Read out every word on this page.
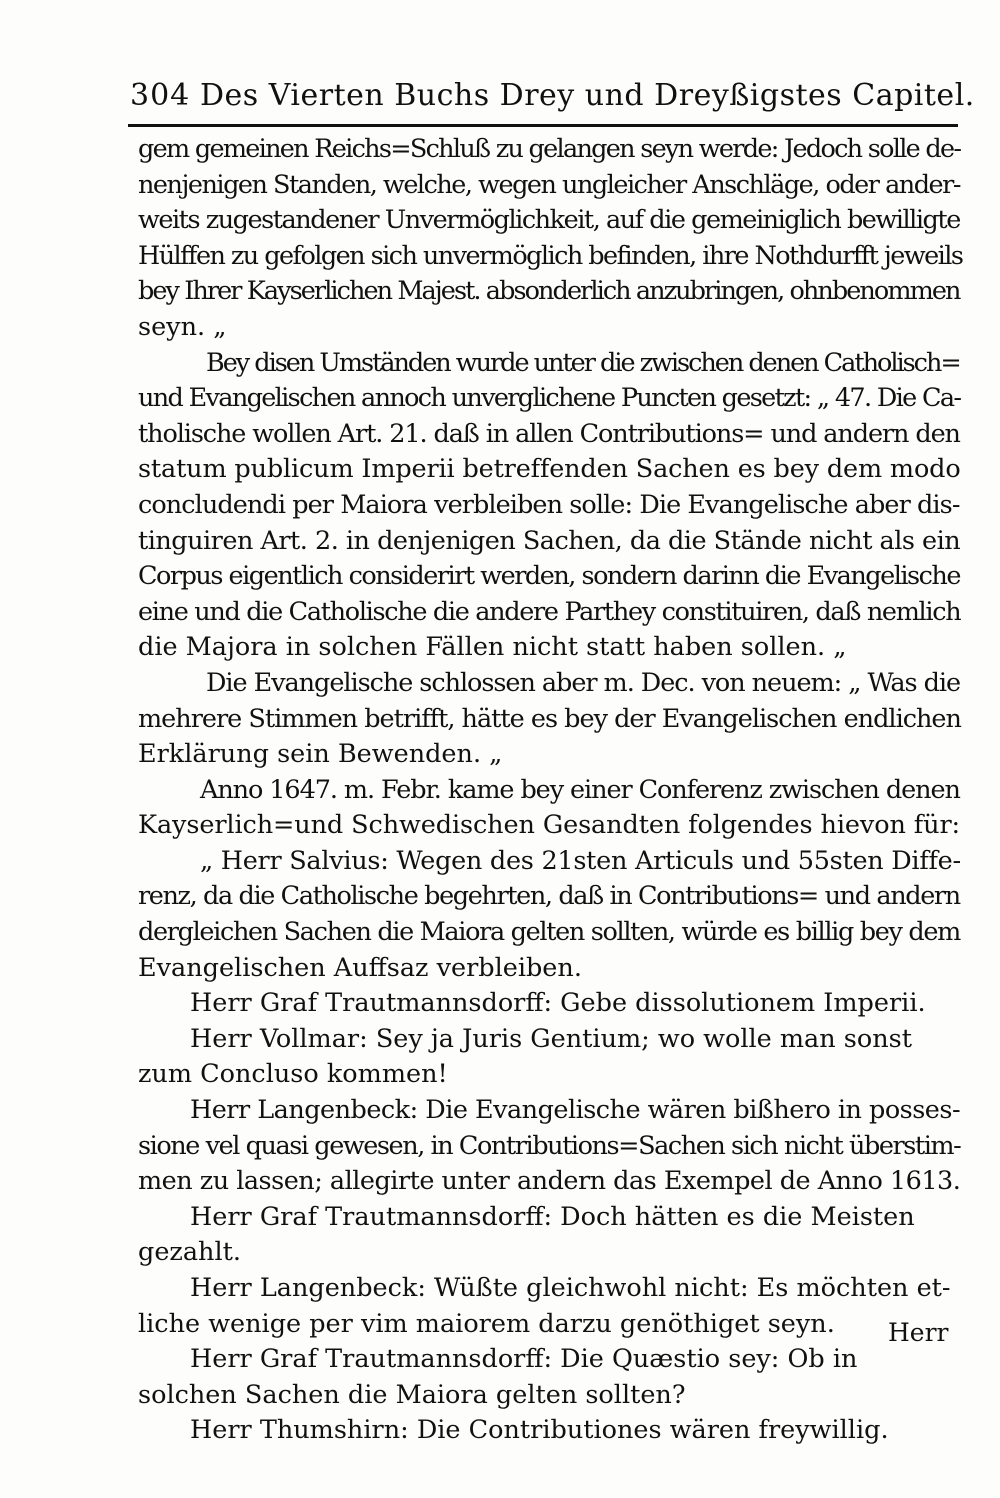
304 Des Vierten Buchs Drey und Dreyßigstes Capitel.
gem gemeinen Reichs=Schluß zu gelangen seyn werde: Jedoch solle de-
nenjenigen Standen, welche, wegen ungleicher Anschläge, oder ander-
weits zugestandener Unvermöglichkeit, auf die gemeiniglich bewilligte
Hülffen zu gefolgen sich unvermöglich befinden, ihre Nothdurfft jeweils
bey Ihrer Kayserlichen Majest. absonderlich anzubringen, ohnbenommen
seyn. „
Bey disen Umständen wurde unter die zwischen denen Catholisch=
und Evangelischen annoch unverglichene Puncten gesetzt: „ 47. Die Ca-
tholische wollen Art. 21. daß in allen Contributions= und andern den
statum publicum Imperii betreffenden Sachen es bey dem modo
concludendi per Maiora verbleiben solle: Die Evangelische aber dis-
tinguiren Art. 2. in denjenigen Sachen, da die Stände nicht als ein
Corpus eigentlich considerirt werden, sondern darinn die Evangelische
eine und die Catholische die andere Parthey constituiren, daß nemlich
die Majora in solchen Fällen nicht statt haben sollen. „
Die Evangelische schlossen aber m. Dec. von neuem: „ Was die
mehrere Stimmen betrifft, hätte es bey der Evangelischen endlichen
Erklärung sein Bewenden. „
Anno 1647. m. Febr. kame bey einer Conferenz zwischen denen
Kayserlich=und Schwedischen Gesandten folgendes hievon für:
„ Herr Salvius: Wegen des 21sten Articuls und 55sten Diffe-
renz, da die Catholische begehrten, daß in Contributions= und andern
dergleichen Sachen die Maiora gelten sollten, würde es billig bey dem
Evangelischen Auffsaz verbleiben.
Herr Graf Trautmannsdorff: Gebe dissolutionem Imperii.
Herr Vollmar: Sey ja Juris Gentium; wo wolle man sonst
zum Concluso kommen!
Herr Langenbeck: Die Evangelische wären bißhero in posses-
sione vel quasi gewesen, in Contributions=Sachen sich nicht überstim-
men zu lassen; allegirte unter andern das Exempel de Anno 1613.
Herr Graf Trautmannsdorff: Doch hätten es die Meisten
gezahlt.
Herr Langenbeck: Wüßte gleichwohl nicht: Es möchten et-
liche wenige per vim maiorem darzu genöthiget seyn.
Herr Graf Trautmannsdorff: Die Quæstio sey: Ob in
solchen Sachen die Maiora gelten sollten?
Herr Thumshirn: Die Contributiones wären freywillig.
Herr
